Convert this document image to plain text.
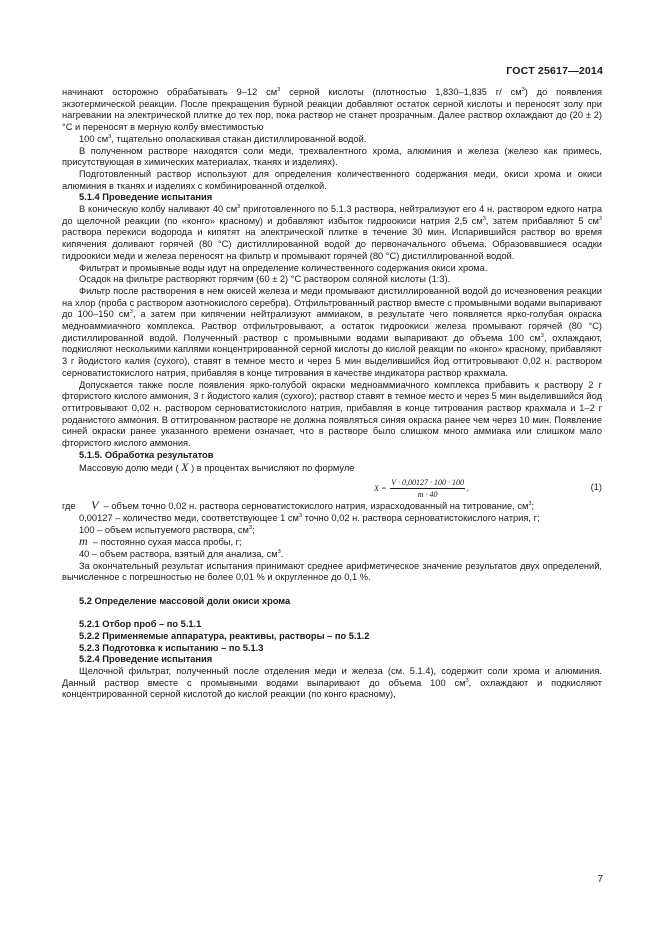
ГОСТ 25617—2014

начинают осторожно обрабатывать 9–12 $см^3$ серной кислоты (плотностью 1,830–1,835 г/ $см^3$) до появления экзотермической реакции. После прекращения бурной реакции добавляют остаток серной кислоты и переносят золу при нагревании на электрической плитке до тех пор, пока раствор не станет прозрачным. Далее раствор охлаждают до (20 ± 2) °С и переносят в мерную колбу вместимостью

100 $см^3$, тщательно ополаскивая стакан дистиллированной водой.

В полученном растворе находятся соли меди, трехвалентного хрома, алюминия и железа (железо как примесь, присутствующая в химических материалах, тканях и изделиях).

Подготовленный раствор используют для определения количественного содержания меди, окиси хрома и окиси алюминия в тканях и изделиях с комбинированной отделкой.

5.1.4 Проведение испытания

В коническую колбу наливают 40 $см^3$ приготовленного по 5.1.3 раствора, нейтрализуют его 4 н. раствором едкого натра до щелочной реакции (по «конго» красному) и добавляют избыток гидроокиси натрия 2,5 $см^3$, затем прибавляют 5 $см^3$ раствора перекиси водорода и кипятят на электрической плитке в течение 30 мин. Испарившийся раствор во время кипячения доливают горячей (80 °С) дистиллированной водой до первоначального объема. Образовавшиеся осадки гидроокиси меди и железа переносят на фильтр и промывают горячей (80 °С) дистиллированной водой.

Фильтрат и промывные воды идут на определение количественного содержания окиси хрома.

Осадок на фильтре растворяют горячим (60 ± 2) °С раствором соляной кислоты (1:3).

Фильтр после растворения в нем окисей железа и меди промывают дистиллированной водой до исчезновения реакции на хлор (проба с раствором азотнокислого серебра). Отфильтрованный раствор вместе с промывными водами выпаривают до 100–150 $см^3$, а затем при кипячении нейтрализуют аммиаком, в результате чего появляется ярко-голубая окраска медноаммиачного комплекса. Раствор отфильтровывают, а остаток гидроокиси железа промывают горячей (80 °С) дистиллированной водой. Полученный раствор с промывными водами выпаривают до объема 100 $см^3$, охлаждают, подкисляют несколькими каплями концентрированной серной кислоты до кислой реакции по «конго» красному, прибавляют 3 г йодистого калия (сухого), ставят в темное место и через 5 мин выделившийся йод оттитровывают 0,02 н. раствором серноватистокислого натрия, прибавляя в конце титрования в качестве индикатора раствор крахмала.

Допускается также после появления ярко-голубой окраски медноаммиачного комплекса прибавить к раствору 2 г фтористого кислого аммония, 3 г йодистого калия (сухого); раствор ставят в темное место и через 5 мин выделившийся йод оттитровывают 0,02 н. раствором серноватистокислого натрия, прибавляя в конце титрования раствор крахмала и 1–2 г роданистого аммония. В оттитрованном растворе не должна появляться синяя окраска ранее чем через 10 мин. Появление синей окраски ранее указанного времени означает, что в растворе было слишком много аммиака или слишком мало фтористого кислого аммония.

5.1.5. Обработка результатов

Массовую долю меди ( X ) в процентах вычисляют по формуле

$X = \frac{V \cdot 0,00127 \cdot 100 \cdot 100}{m \cdot 40}$ ,	(1)

где V – объем точно 0,02 н. раствора серноватистокислого натрия, израсходованный на титрование, $см^3$;

0,00127 – количество меди, соответствующее 1 $см^3$ точно 0,02 н. раствора серноватистокислого натрия, г;

100 – объем испытуемого раствора, $см^3$;

m – постоянно сухая масса пробы, г;

40 – объем раствора, взятый для анализа, $см^3$.

За окончательный результат испытания принимают среднее арифметическое значение результатов двух определений, вычисленное с погрешностью не более 0,01 % и округленное до 0,1 %.

5.2 Определение массовой доли окиси хрома

5.2.1 Отбор проб – по 5.1.1

5.2.2 Применяемые аппаратура, реактивы, растворы – по 5.1.2

5.2.3 Подготовка к испытанию – по 5.1.3

5.2.4 Проведение испытания

Щелочной фильтрат, полученный после отделения меди и железа (см. 5.1.4), содержит соли хрома и алюминия. Данный раствор вместе с промывными водами выпаривают до объема 100 $см^3$, охлаждают и подкисляют концентрированной серной кислотой до кислой реакции (по конго красному),

7
